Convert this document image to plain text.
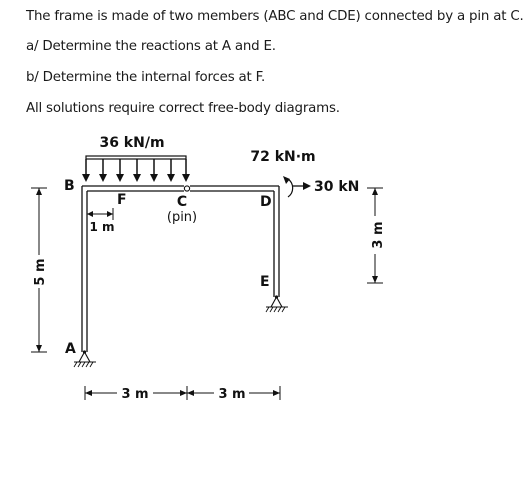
The frame is made of two members (ABC and CDE) connected by a pin at C.

a/ Determine the reactions at A and E.

b/ Determine the internal forces at F.

All solutions require correct free-body diagrams.

36 kN/m
72 kN·m
30 kN
B
F	C
(pin)
D
E
A
1 m
5 m
3 m
3 m	3 m
